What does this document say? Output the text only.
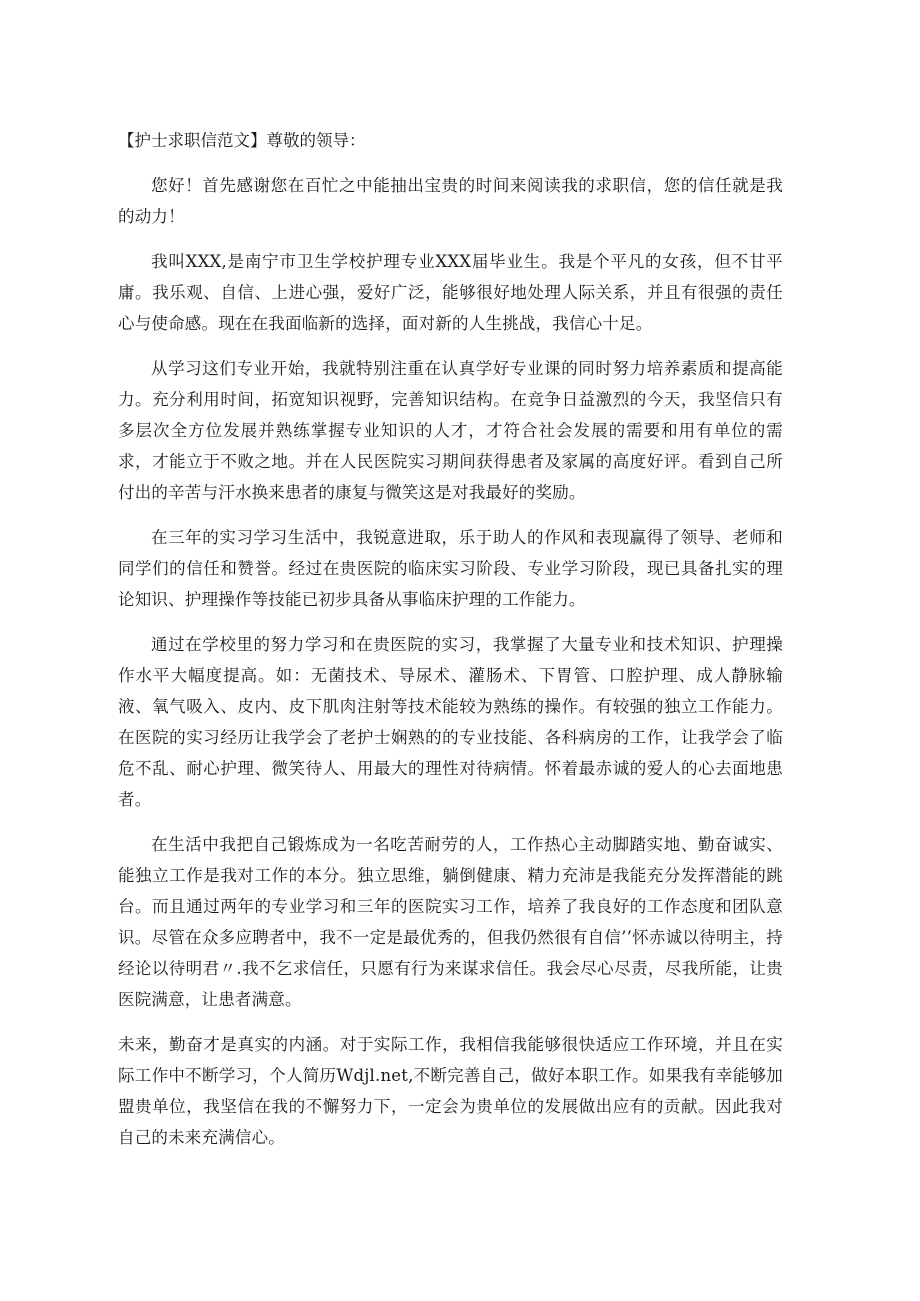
【护士求职信范文】尊敬的领导：

您好！首先感谢您在百忙之中能抽出宝贵的时间来阅读我的求职信，您的信任就是我的动力！

我叫XXX,是南宁市卫生学校护理专业XXX届毕业生。我是个平凡的女孩，但不甘平庸。我乐观、自信、上进心强，爱好广泛，能够很好地处理人际关系，并且有很强的责任心与使命感。现在在我面临新的选择，面对新的人生挑战，我信心十足。

从学习这们专业开始，我就特别注重在认真学好专业课的同时努力培养素质和提高能力。充分利用时间，拓宽知识视野，完善知识结构。在竞争日益激烈的今天，我坚信只有多层次全方位发展并熟练掌握专业知识的人才，才符合社会发展的需要和用有单位的需求，才能立于不败之地。并在人民医院实习期间获得患者及家属的高度好评。看到自己所付出的辛苦与汗水换来患者的康复与微笑这是对我最好的奖励。

在三年的实习学习生活中，我锐意进取，乐于助人的作风和表现赢得了领导、老师和同学们的信任和赞誉。经过在贵医院的临床实习阶段、专业学习阶段，现已具备扎实的理论知识、护理操作等技能已初步具备从事临床护理的工作能力。

通过在学校里的努力学习和在贵医院的实习，我掌握了大量专业和技术知识、护理操作水平大幅度提高。如：无菌技术、导尿术、灌肠术、下胃管、口腔护理、成人静脉输液、氧气吸入、皮内、皮下肌肉注射等技术能较为熟练的操作。有较强的独立工作能力。在医院的实习经历让我学会了老护士娴熟的的专业技能、各科病房的工作，让我学会了临危不乱、耐心护理、微笑待人、用最大的理性对待病情。怀着最赤诚的爱人的心去面地患者。

在生活中我把自己锻炼成为一名吃苦耐劳的人，工作热心主动脚踏实地、勤奋诚实、能独立工作是我对工作的本分。独立思维，躺倒健康、精力充沛是我能充分发挥潜能的跳台。而且通过两年的专业学习和三年的医院实习工作，培养了我良好的工作态度和团队意识。尽管在众多应聘者中，我不一定是最优秀的，但我仍然很有自信’’怀赤诚以待明主，持经论以待明君〃.我不乞求信任，只愿有行为来谋求信任。我会尽心尽责，尽我所能，让贵医院满意，让患者满意。

未来，勤奋才是真实的内涵。对于实际工作，我相信我能够很快适应工作环境，并且在实际工作中不断学习，个人简历Wdjl.net,不断完善自己，做好本职工作。如果我有幸能够加盟贵单位，我坚信在我的不懈努力下，一定会为贵单位的发展做出应有的贡献。因此我对自己的未来充满信心。
